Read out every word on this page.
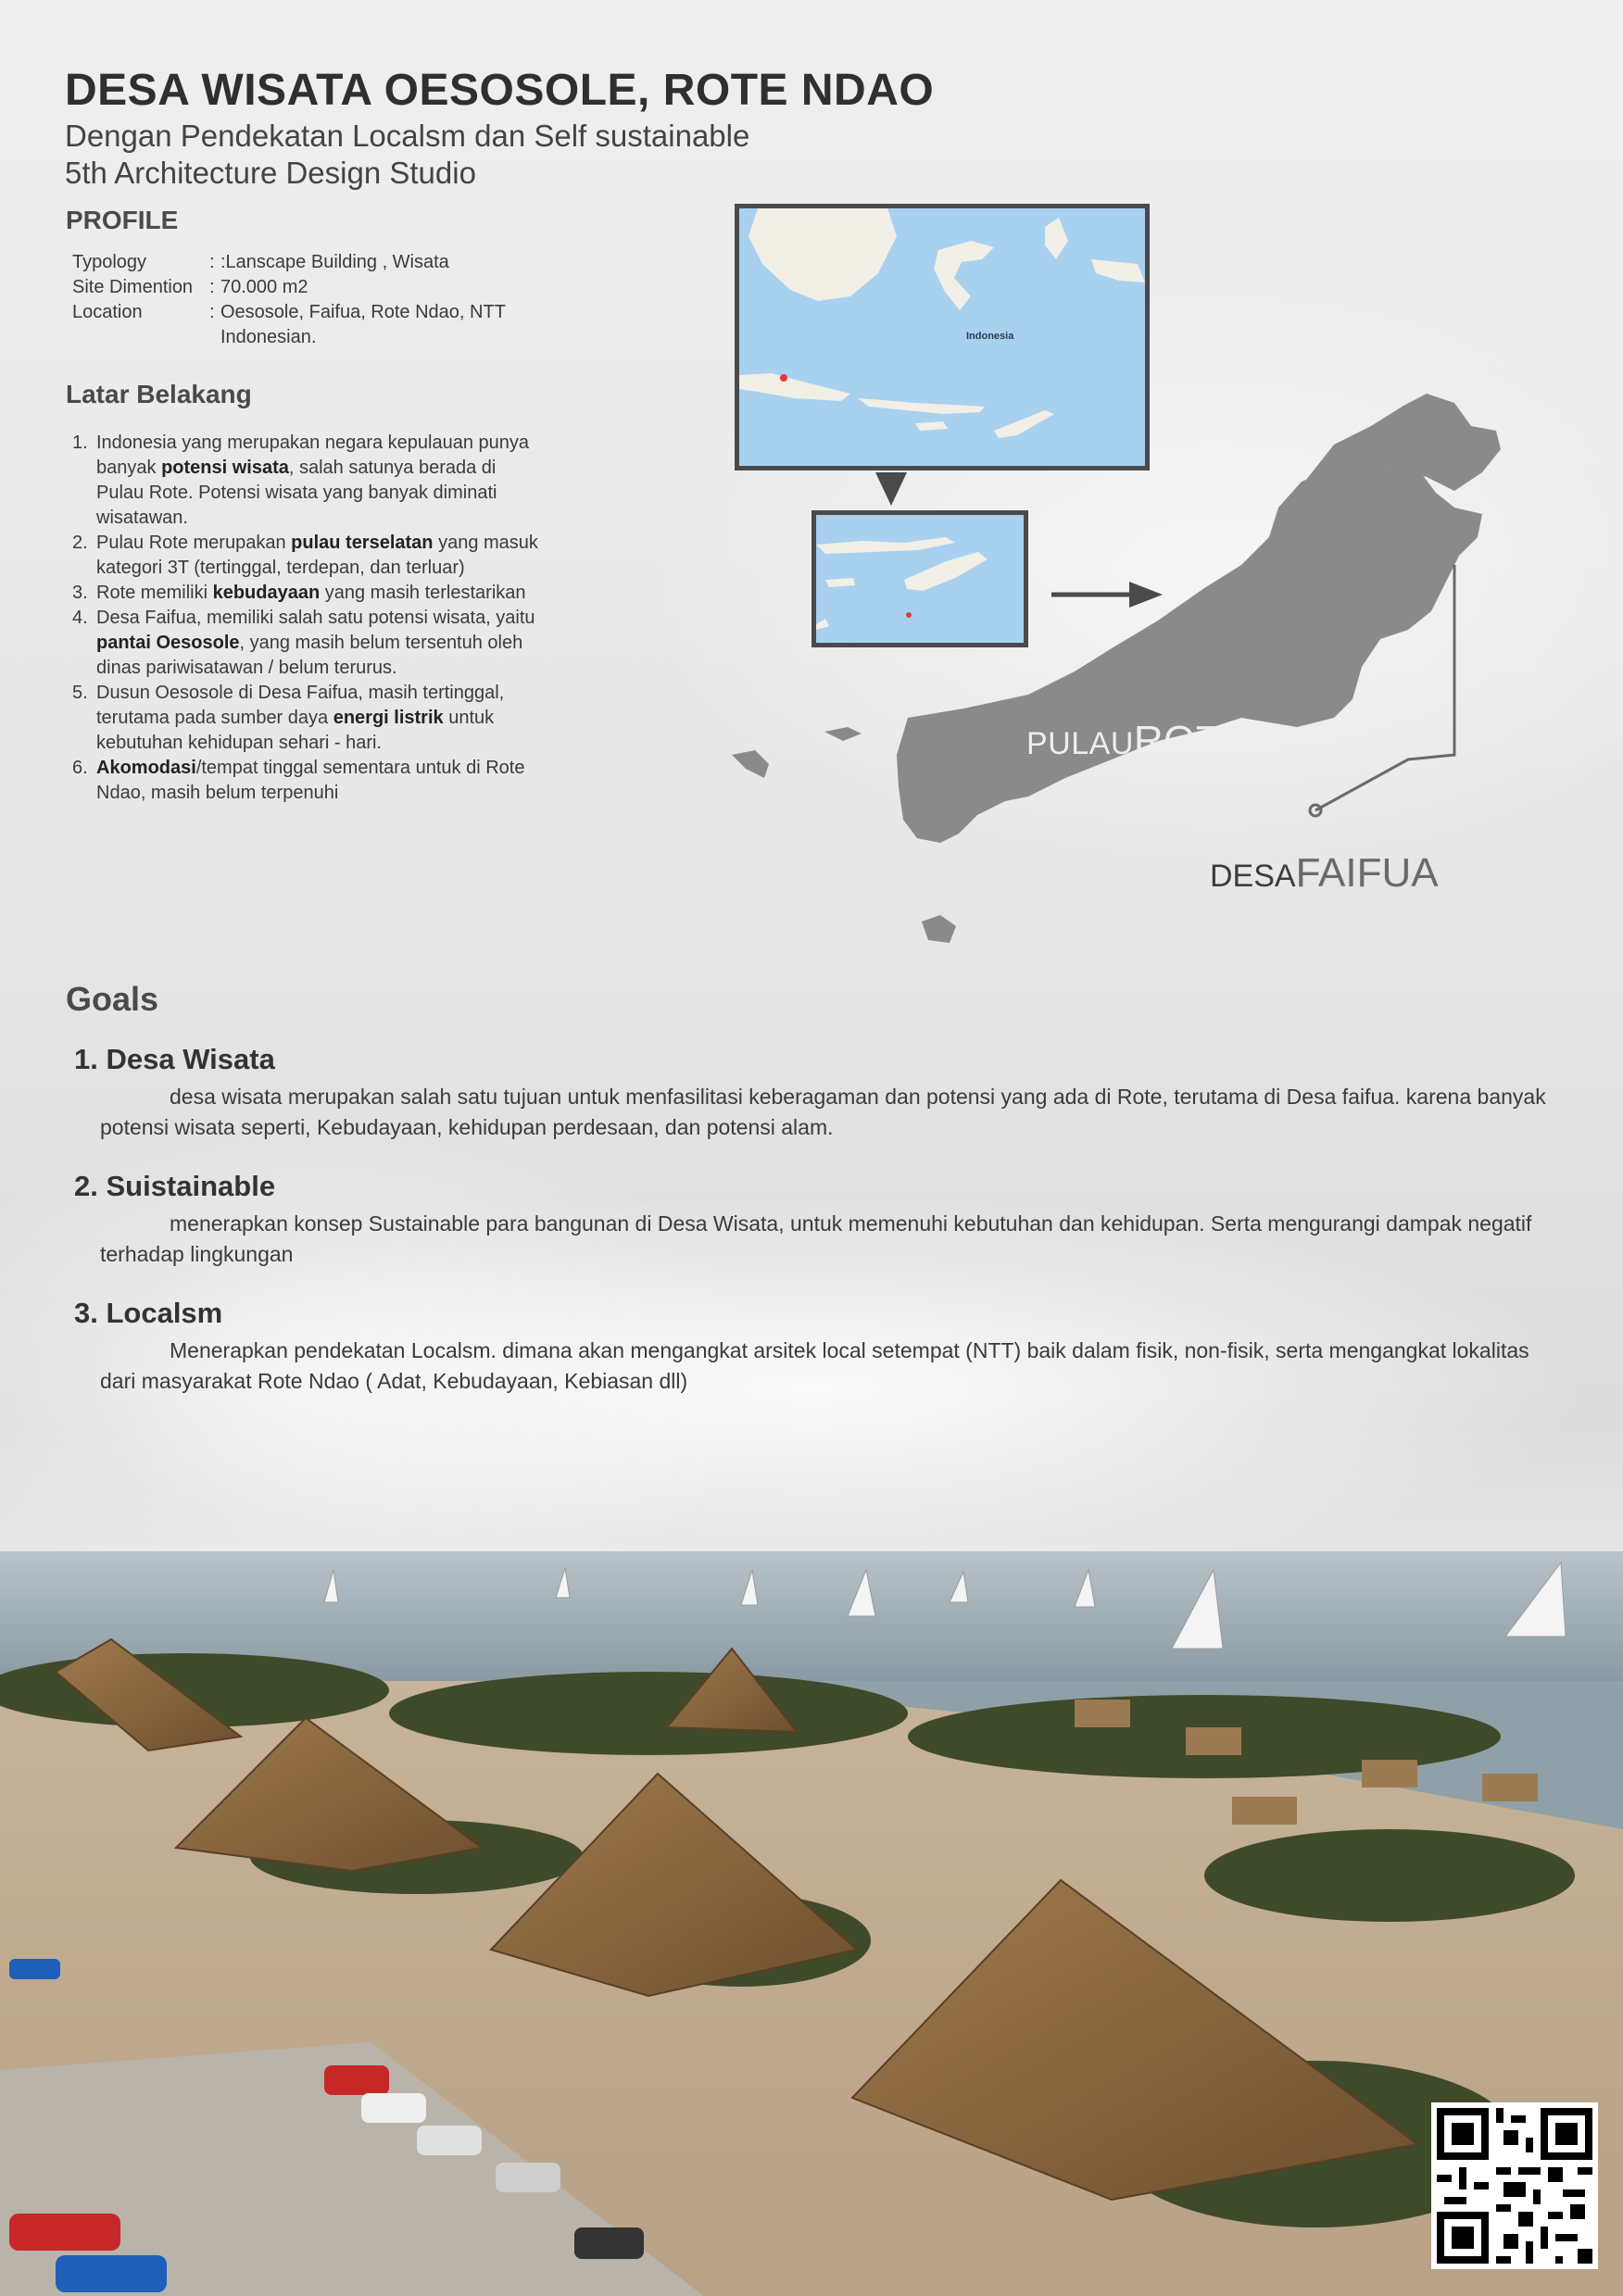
DESA WISATA OESOSOLE, ROTE NDAO
Dengan Pendekatan Localsm dan Self sustainable
5th Architecture Design Studio
PROFILE
Typology	: :Lanscape Building , Wisata
Site Dimention : 70.000 m2
Location	: Oesosole, Faifua, Rote Ndao, NTT Indonesian.
Latar Belakang
1. Indonesia yang merupakan negara kepulauan punya banyak potensi wisata, salah satunya berada di Pulau Rote. Potensi wisata yang banyak diminati wisatawan.
2. Pulau Rote merupakan pulau terselatan yang masuk kategori 3T (tertinggal, terdepan, dan terluar)
3. Rote memiliki kebudayaan yang masih terlestarikan
4. Desa Faifua, memiliki salah satu potensi wisata, yaitu pantai Oesosole, yang masih belum tersentuh oleh dinas pariwisatawan / belum terurus.
5. Dusun Oesosole di Desa Faifua, masih tertinggal, terutama pada sumber daya energi listrik untuk kebutuhan kehidupan sehari - hari.
6. Akomodasi/tempat tinggal sementara untuk di Rote Ndao, masih belum terpenuhi
Indonesia
PULAUROTE
DESAFAIFUA
Goals
1. Desa Wisata
desa wisata merupakan salah satu tujuan untuk menfasilitasi keberagaman dan potensi yang ada di Rote, terutama di Desa faifua. karena banyak potensi wisata seperti, Kebudayaan, kehidupan perdesaan, dan potensi alam.
2. Suistainable
menerapkan konsep Sustainable para bangunan di Desa Wisata, untuk memenuhi kebutuhan dan kehidupan. Serta mengurangi dampak negatif terhadap lingkungan
3. Localsm
Menerapkan pendekatan Localsm. dimana akan mengangkat arsitek local setempat (NTT) baik dalam fisik, non-fisik, serta mengangkat lokalitas dari masyarakat Rote Ndao ( Adat, Kebudayaan, Kebiasan dll)
